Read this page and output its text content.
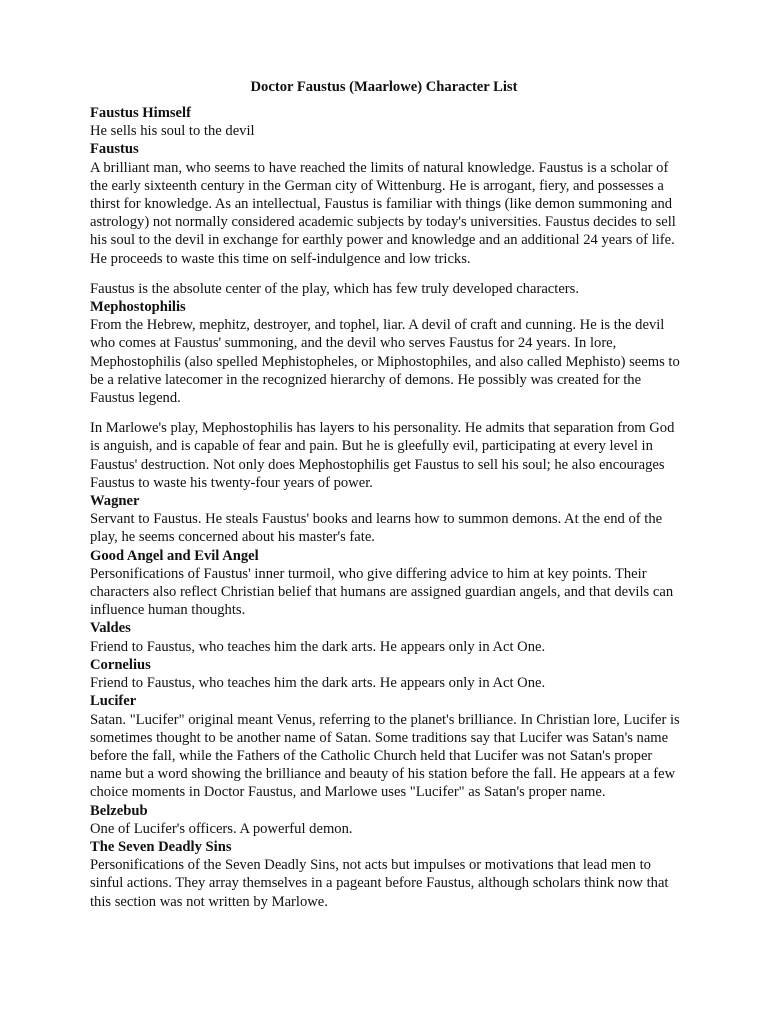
Doctor Faustus (Maarlowe) Character List

Faustus Himself

He sells his soul to the devil

Faustus

A brilliant man, who seems to have reached the limits of natural knowledge. Faustus is a scholar of the early sixteenth century in the German city of Wittenburg. He is arrogant, fiery, and possesses a thirst for knowledge. As an intellectual, Faustus is familiar with things (like demon summoning and astrology) not normally considered academic subjects by today's universities. Faustus decides to sell his soul to the devil in exchange for earthly power and knowledge and an additional 24 years of life. He proceeds to waste this time on self-indulgence and low tricks.

Faustus is the absolute center of the play, which has few truly developed characters.

Mephostophilis

From the Hebrew, mephitz, destroyer, and tophel, liar. A devil of craft and cunning. He is the devil who comes at Faustus' summoning, and the devil who serves Faustus for 24 years. In lore, Mephostophilis (also spelled Mephistopheles, or Miphostophiles, and also called Mephisto) seems to be a relative latecomer in the recognized hierarchy of demons. He possibly was created for the Faustus legend.

In Marlowe's play, Mephostophilis has layers to his personality. He admits that separation from God is anguish, and is capable of fear and pain. But he is gleefully evil, participating at every level in Faustus' destruction. Not only does Mephostophilis get Faustus to sell his soul; he also encourages Faustus to waste his twenty-four years of power.

Wagner

Servant to Faustus. He steals Faustus' books and learns how to summon demons. At the end of the play, he seems concerned about his master's fate.

Good Angel and Evil Angel

Personifications of Faustus' inner turmoil, who give differing advice to him at key points. Their characters also reflect Christian belief that humans are assigned guardian angels, and that devils can influence human thoughts.

Valdes

Friend to Faustus, who teaches him the dark arts. He appears only in Act One.

Cornelius

Friend to Faustus, who teaches him the dark arts. He appears only in Act One.

Lucifer

Satan. "Lucifer" original meant Venus, referring to the planet's brilliance. In Christian lore, Lucifer is sometimes thought to be another name of Satan. Some traditions say that Lucifer was Satan's name before the fall, while the Fathers of the Catholic Church held that Lucifer was not Satan's proper name but a word showing the brilliance and beauty of his station before the fall. He appears at a few choice moments in Doctor Faustus, and Marlowe uses "Lucifer" as Satan's proper name.

Belzebub

One of Lucifer's officers. A powerful demon.

The Seven Deadly Sins

Personifications of the Seven Deadly Sins, not acts but impulses or motivations that lead men to sinful actions. They array themselves in a pageant before Faustus, although scholars think now that this section was not written by Marlowe.
